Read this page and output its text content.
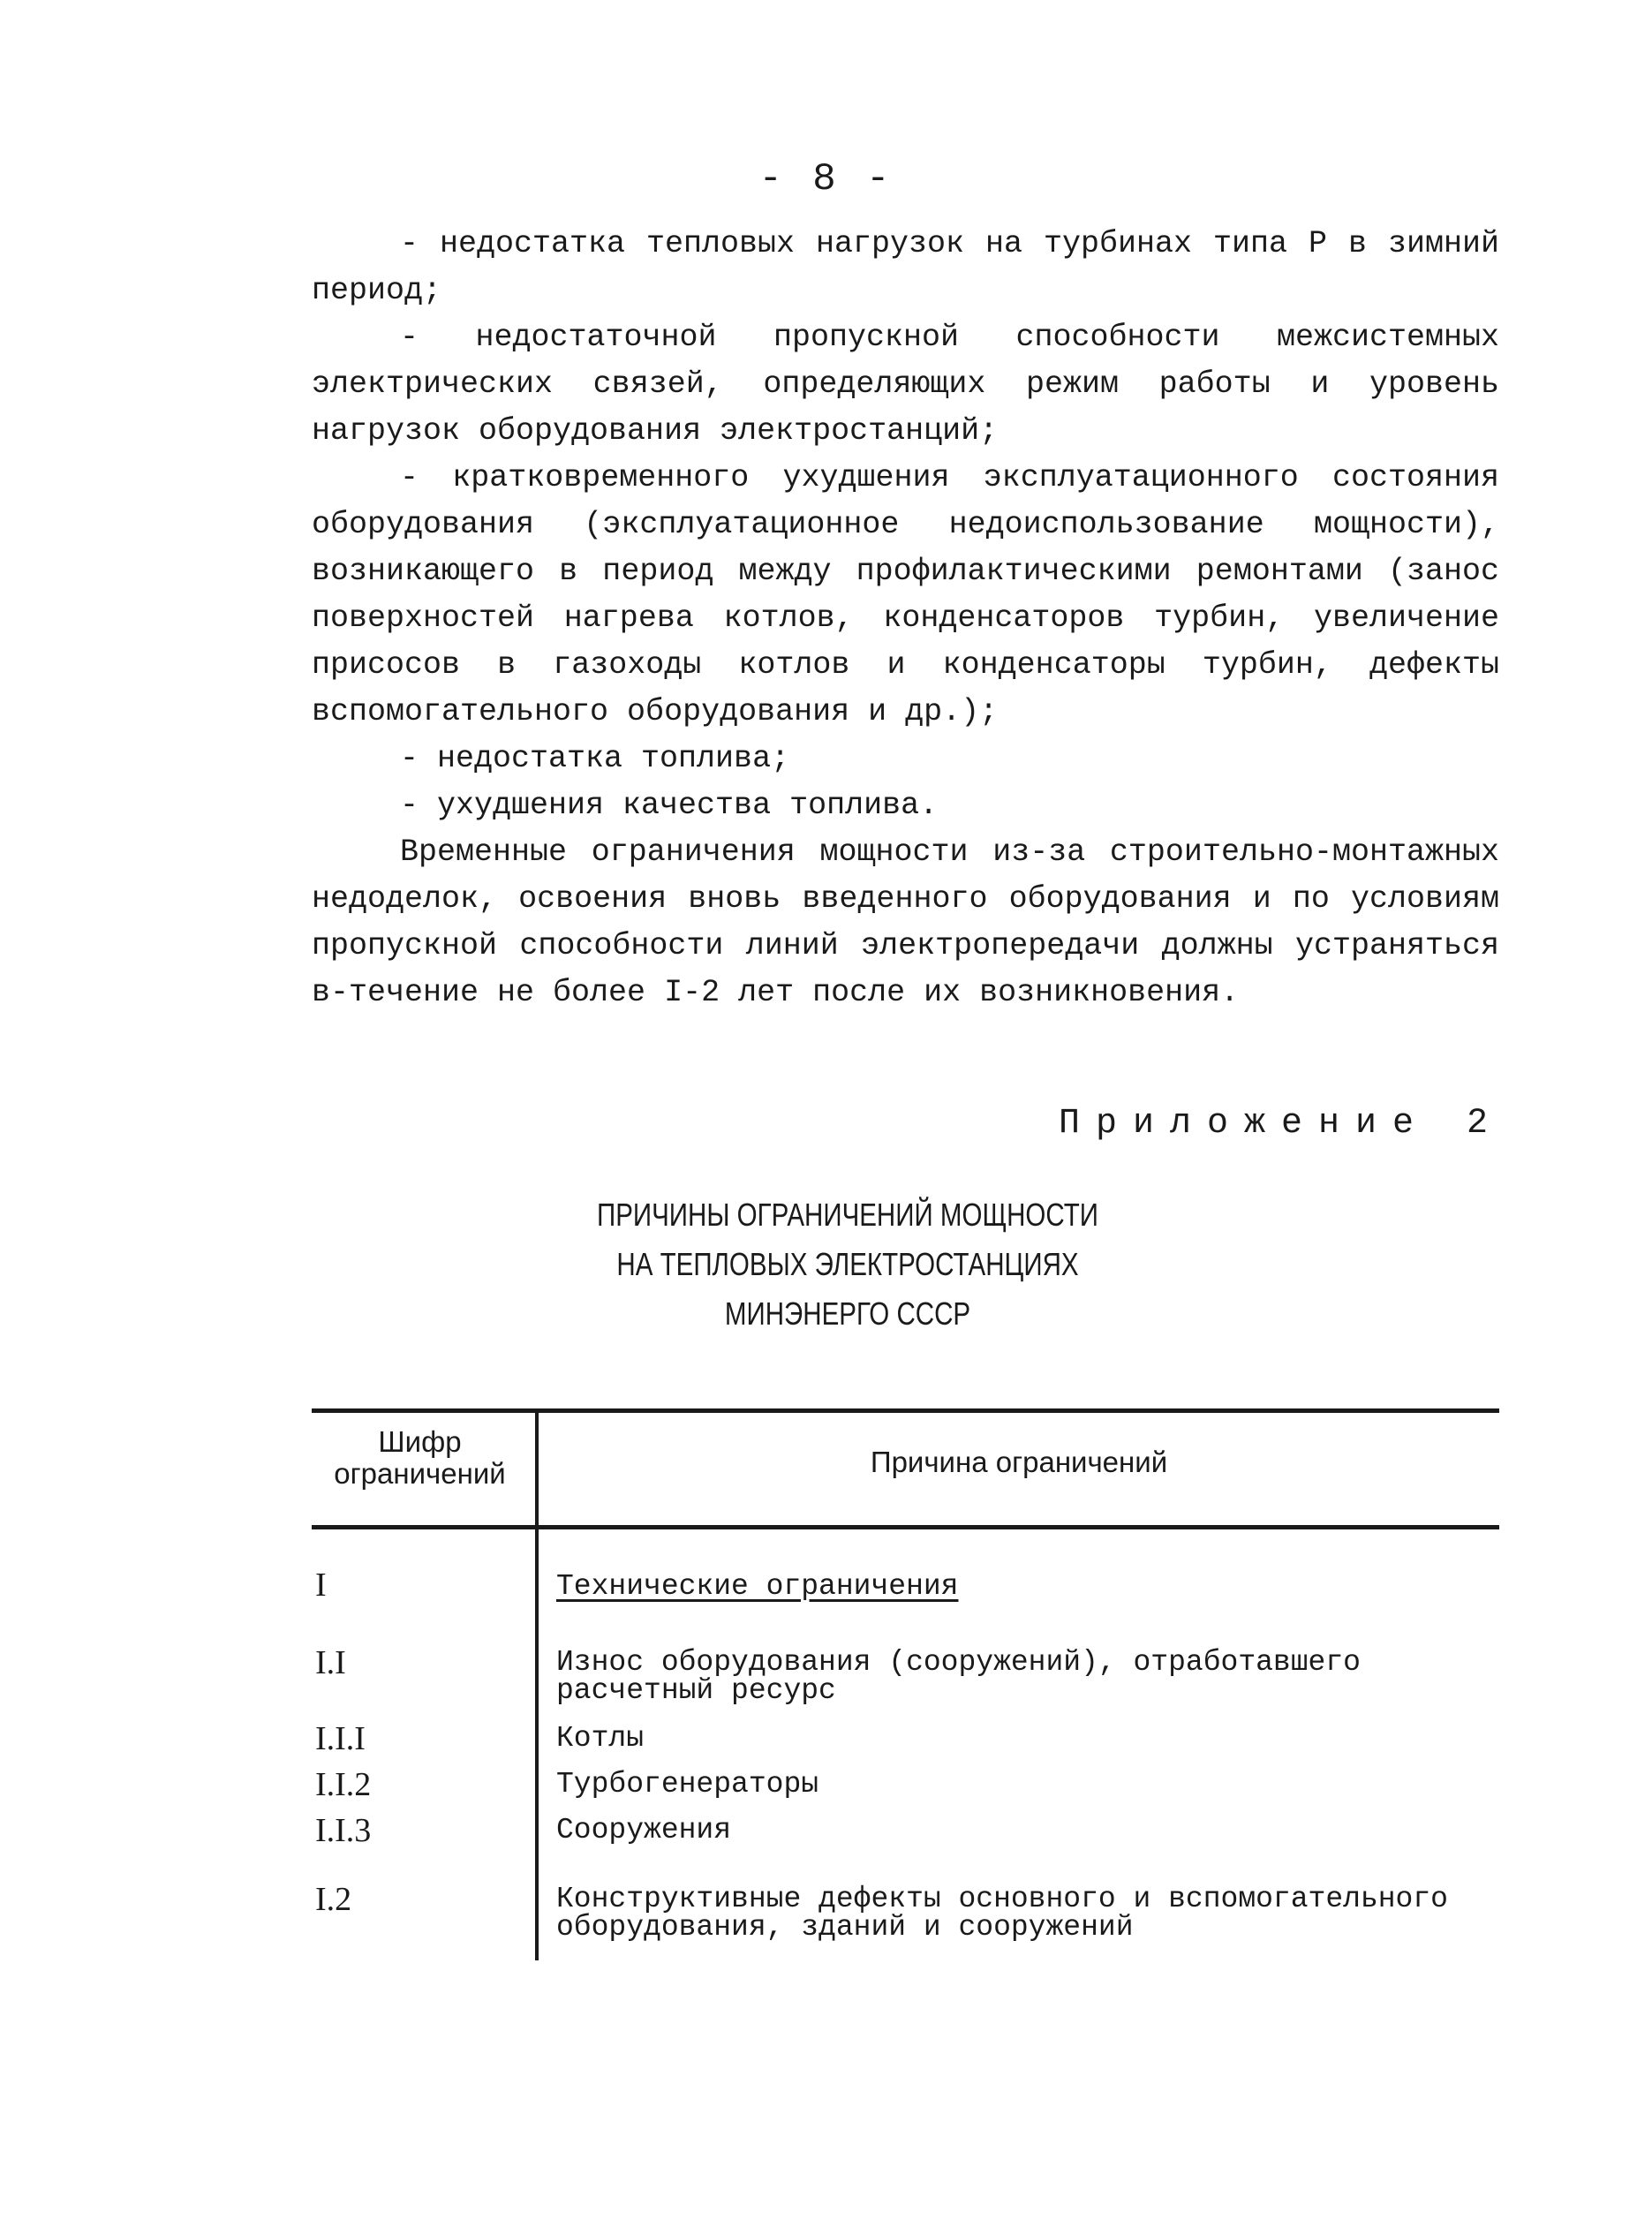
- 8 -

- недостатка тепловых нагрузок на турбинах типа Р в зимний период;

- недостаточной пропускной способности межсистемных электрических связей, определяющих режим работы и уровень нагрузок оборудования электростанций;

- кратковременного ухудшения эксплуатационного состояния оборудования (эксплуатационное недоиспользование мощности), возникающего в период между профилактическими ремонтами (занос поверхностей нагрева котлов, конденсаторов турбин, увеличение присосов в газоходы котлов и конденсаторы турбин, дефекты вспомогательного оборудования и др.);

- недостатка топлива;

- ухудшения качества топлива.

Временные ограничения мощности из-за строительно-монтажных недоделок, освоения вновь введенного оборудования и по условиям пропускной способности линий электропередачи должны устраняться в-течение не более I-2 лет после их возникновения.

Приложение 2
ПРИЧИНЫ ОГРАНИЧЕНИЙ МОЩНОСТИ
НА ТЕПЛОВЫХ ЭЛЕКТРОСТАНЦИЯХ
МИНЭНЕРГО СССР
Шифр
ограничений	Причина ограничений
I	Технические ограничения
I.I	Износ оборудования (сооружений), отработавшего расчетный ресурс
I.I.I	Котлы
I.I.2	Турбогенераторы
I.I.3	Сооружения
I.2	Конструктивные дефекты основного и вспомогательного оборудования, зданий и сооружений
